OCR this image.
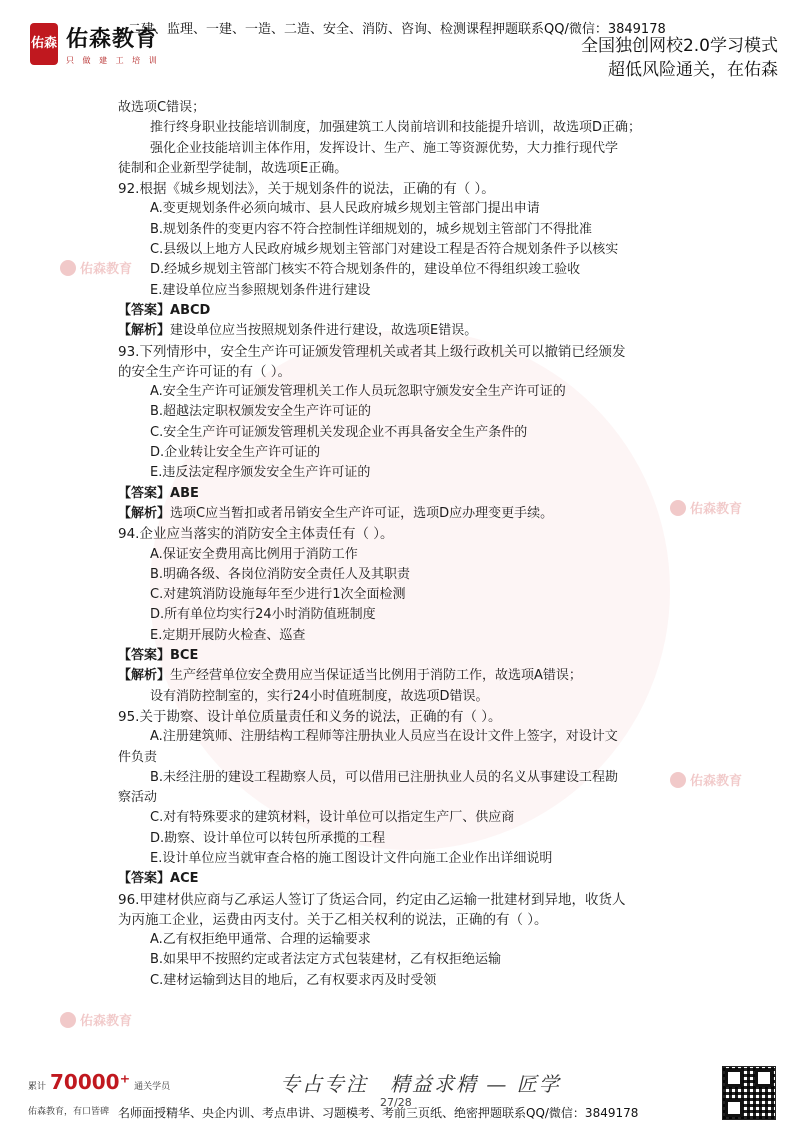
佑森教育
佑森教育
佑森教育
佑森教育
佑森 佑森教育
只 做 建 工 培 训
二建、监理、一建、一造、二造、安全、消防、咨询、检测课程押题联系QQ/微信：3849178
全国独创网校2.0学习模式
超低风险通关，在佑森

故选项C错误；

推行终身职业技能培训制度，加强建筑工人岗前培训和技能提升培训，故选项D正确；

强化企业技能培训主体作用，发挥设计、生产、施工等资源优势，大力推行现代学

徒制和企业新型学徒制，故选项E正确。

92.根据《城乡规划法》，关于规划条件的说法，正确的有（ ）。

A.变更规划条件必须向城市、县人民政府城乡规划主管部门提出申请

B.规划条件的变更内容不符合控制性详细规划的，城乡规划主管部门不得批准

C.县级以上地方人民政府城乡规划主管部门对建设工程是否符合规划条件予以核实

D.经城乡规划主管部门核实不符合规划条件的，建设单位不得组织竣工验收

E.建设单位应当参照规划条件进行建设

【答案】ABCD

【解析】建设单位应当按照规划条件进行建设，故选项E错误。

93.下列情形中，安全生产许可证颁发管理机关或者其上级行政机关可以撤销已经颁发

的安全生产许可证的有（ ）。

A.安全生产许可证颁发管理机关工作人员玩忽职守颁发安全生产许可证的

B.超越法定职权颁发安全生产许可证的

C.安全生产许可证颁发管理机关发现企业不再具备安全生产条件的

D.企业转让安全生产许可证的

E.违反法定程序颁发安全生产许可证的

【答案】ABE

【解析】选项C应当暂扣或者吊销安全生产许可证，选项D应办理变更手续。

94.企业应当落实的消防安全主体责任有（ ）。

A.保证安全费用高比例用于消防工作

B.明确各级、各岗位消防安全责任人及其职责

C.对建筑消防设施每年至少进行1次全面检测

D.所有单位均实行24小时消防值班制度

E.定期开展防火检查、巡查

【答案】BCE

【解析】生产经营单位安全费用应当保证适当比例用于消防工作，故选项A错误；

设有消防控制室的，实行24小时值班制度，故选项D错误。

95.关于勘察、设计单位质量责任和义务的说法，正确的有（ ）。

A.注册建筑师、注册结构工程师等注册执业人员应当在设计文件上签字，对设计文

件负责

B.未经注册的建设工程勘察人员，可以借用已注册执业人员的名义从事建设工程勘

察活动

C.对有特殊要求的建筑材料，设计单位可以指定生产厂、供应商

D.勘察、设计单位可以转包所承揽的工程

E.设计单位应当就审查合格的施工图设计文件向施工企业作出详细说明

【答案】ACE

96.甲建材供应商与乙承运人签订了货运合同，约定由乙运输一批建材到异地，收货人

为丙施工企业，运费由丙支付。关于乙相关权利的说法，正确的有（ ）。

A.乙有权拒绝甲通常、合理的运输要求

B.如果甲不按照约定或者法定方式包装建材，乙有权拒绝运输

C.建材运输到达目的地后，乙有权要求丙及时受领

累计 70000⁺ 通关学员
佑森教育，有口皆碑
专占专注　精益求精 — 匠学
27/28
名师面授精华、央企内训、考点串讲、习题模考、考前三页纸、绝密押题联系QQ/微信：3849178
